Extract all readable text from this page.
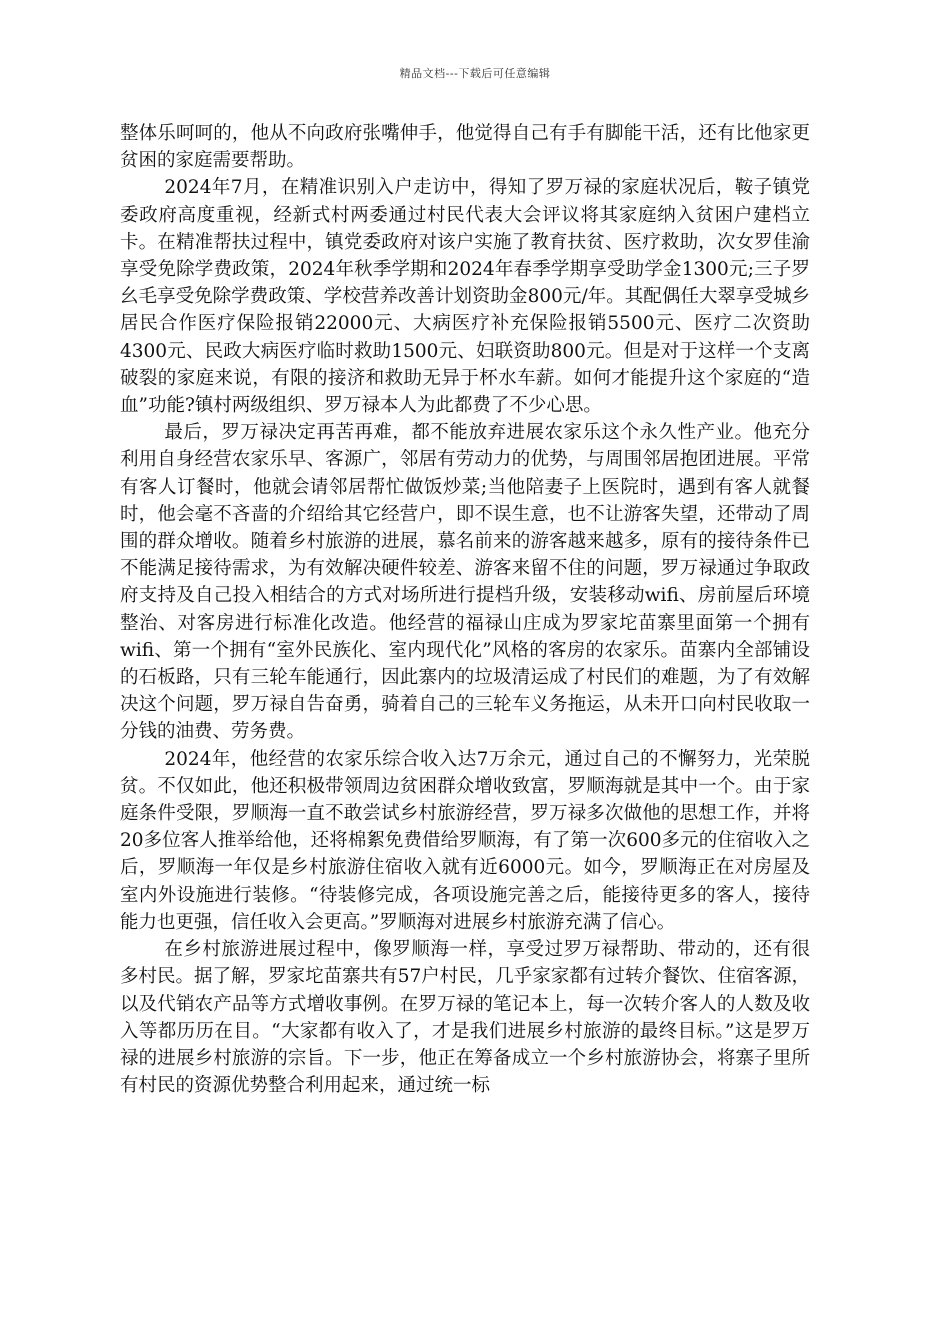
精品文档---下载后可任意编辑

整体乐呵呵的，他从不向政府张嘴伸手，他觉得自己有手有脚能干活，还有比他家更贫困的家庭需要帮助。

2024年7月，在精准识别入户走访中，得知了罗万禄的家庭状况后，鞍子镇党委政府高度重视，经新式村两委通过村民代表大会评议将其家庭纳入贫困户建档立卡。在精准帮扶过程中，镇党委政府对该户实施了教育扶贫、医疗救助，次女罗佳渝享受免除学费政策，2024年秋季学期和2024年春季学期享受助学金1300元;三子罗幺毛享受免除学费政策、学校营养改善计划资助金800元/年。其配偶任大翠享受城乡居民合作医疗保险报销22000元、大病医疗补充保险报销5500元、医疗二次资助4300元、民政大病医疗临时救助1500元、妇联资助800元。但是对于这样一个支离破裂的家庭来说，有限的接济和救助无异于杯水车薪。如何才能提升这个家庭的“造血”功能?镇村两级组织、罗万禄本人为此都费了不少心思。

最后，罗万禄决定再苦再难，都不能放弃进展农家乐这个永久性产业。他充分利用自身经营农家乐早、客源广，邻居有劳动力的优势，与周围邻居抱团进展。平常有客人订餐时，他就会请邻居帮忙做饭炒菜;当他陪妻子上医院时，遇到有客人就餐时，他会毫不吝啬的介绍给其它经营户，即不误生意，也不让游客失望，还带动了周围的群众增收。随着乡村旅游的进展，慕名前来的游客越来越多，原有的接待条件已不能满足接待需求，为有效解决硬件较差、游客来留不住的问题，罗万禄通过争取政府支持及自己投入相结合的方式对场所进行提档升级，安装移动wifi、房前屋后环境整治、对客房进行标准化改造。他经营的福禄山庄成为罗家坨苗寨里面第一个拥有wifi、第一个拥有“室外民族化、室内现代化”风格的客房的农家乐。苗寨内全部铺设的石板路，只有三轮车能通行，因此寨内的垃圾清运成了村民们的难题，为了有效解决这个问题，罗万禄自告奋勇，骑着自己的三轮车义务拖运，从未开口向村民收取一分钱的油费、劳务费。

2024年，他经营的农家乐综合收入达7万余元，通过自己的不懈努力，光荣脱贫。不仅如此，他还积极带领周边贫困群众增收致富，罗顺海就是其中一个。由于家庭条件受限，罗顺海一直不敢尝试乡村旅游经营，罗万禄多次做他的思想工作，并将20多位客人推举给他，还将棉絮免费借给罗顺海，有了第一次600多元的住宿收入之后，罗顺海一年仅是乡村旅游住宿收入就有近6000元。如今，罗顺海正在对房屋及室内外设施进行装修。“待装修完成，各项设施完善之后，能接待更多的客人，接待能力也更强，信任收入会更高。”罗顺海对进展乡村旅游充满了信心。

在乡村旅游进展过程中，像罗顺海一样，享受过罗万禄帮助、带动的，还有很多村民。据了解，罗家坨苗寨共有57户村民，几乎家家都有过转介餐饮、住宿客源，以及代销农产品等方式增收事例。在罗万禄的笔记本上，每一次转介客人的人数及收入等都历历在目。“大家都有收入了，才是我们进展乡村旅游的最终目标。”这是罗万禄的进展乡村旅游的宗旨。下一步，他正在筹备成立一个乡村旅游协会，将寨子里所有村民的资源优势整合利用起来，通过统一标
